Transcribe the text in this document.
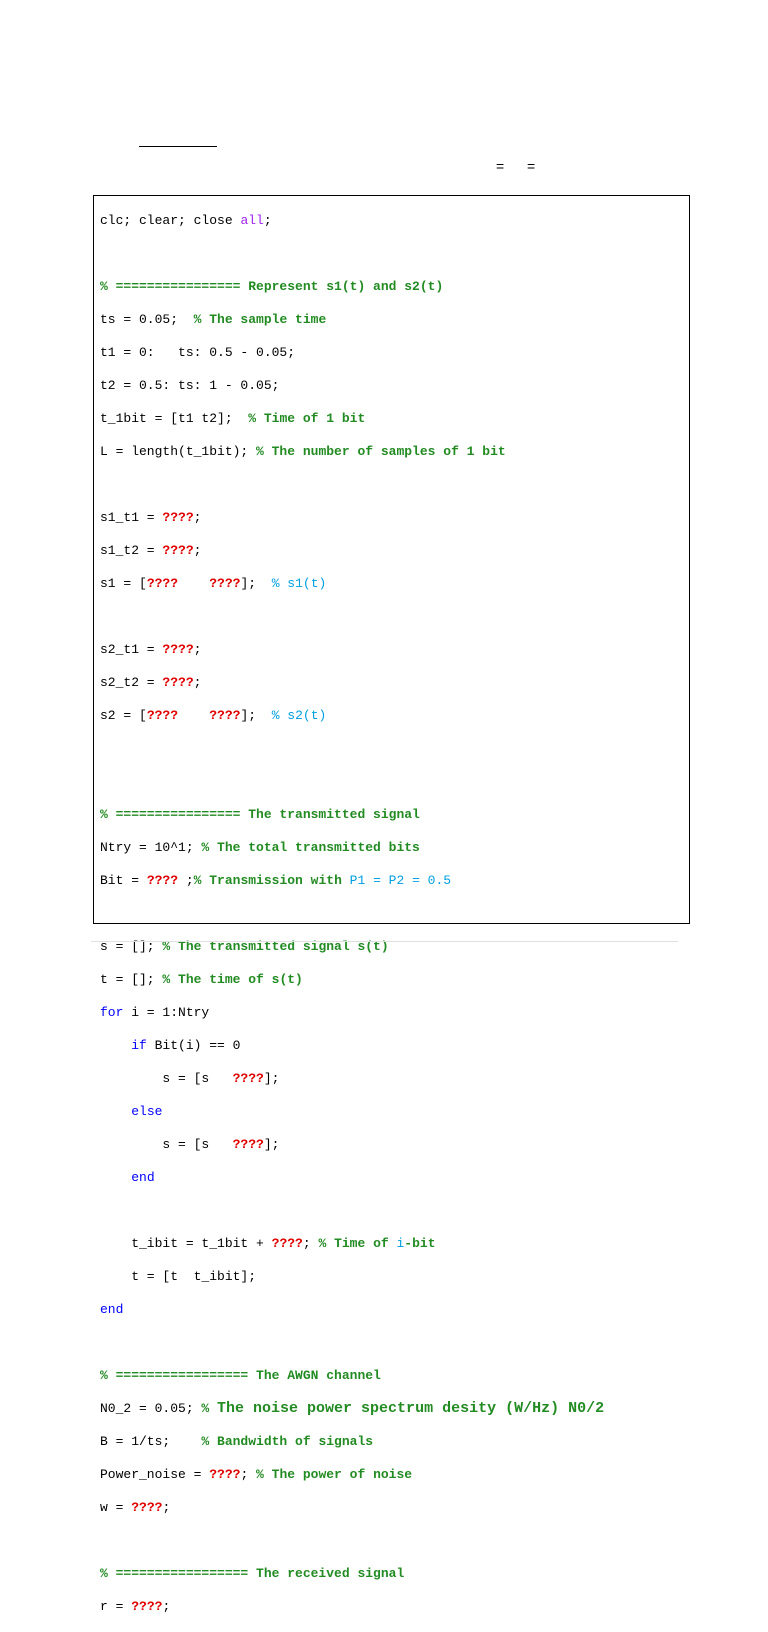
= =

clc; clear; close all;

% ================ Represent s1(t) and s2(t)

ts = 0.05;  % The sample time

t1 = 0:   ts: 0.5 - 0.05;

t2 = 0.5: ts: 1 - 0.05;

t_1bit = [t1 t2];  % Time of 1 bit

L = length(t_1bit); % The number of samples of 1 bit

s1_t1 = ????;

s1_t2 = ????;

s1 = [???? ????];  % s1(t)

s2_t1 = ????;

s2_t2 = ????;

s2 = [???? ????];  % s2(t)

% ================ The transmitted signal

Ntry = 10^1; % The total transmitted bits

Bit = ???? ;% Transmission with P1 = P2 = 0.5

s = []; % The transmitted signal s(t)

t = []; % The time of s(t)

for i = 1:Ntry

if Bit(i) == 0

s = [s   ????];

else

s = [s   ????];

end

t_ibit = t_1bit + ????; % Time of i-bit

t = [t  t_ibit];

end

% ================= The AWGN channel

N0_2 = 0.05; % The noise power spectrum desity (W/Hz) N0/2

B = 1/ts;    % Bandwidth of signals

Power_noise = ????; % The power of noise

w = ????;

% ================= The received signal

r = ????;
